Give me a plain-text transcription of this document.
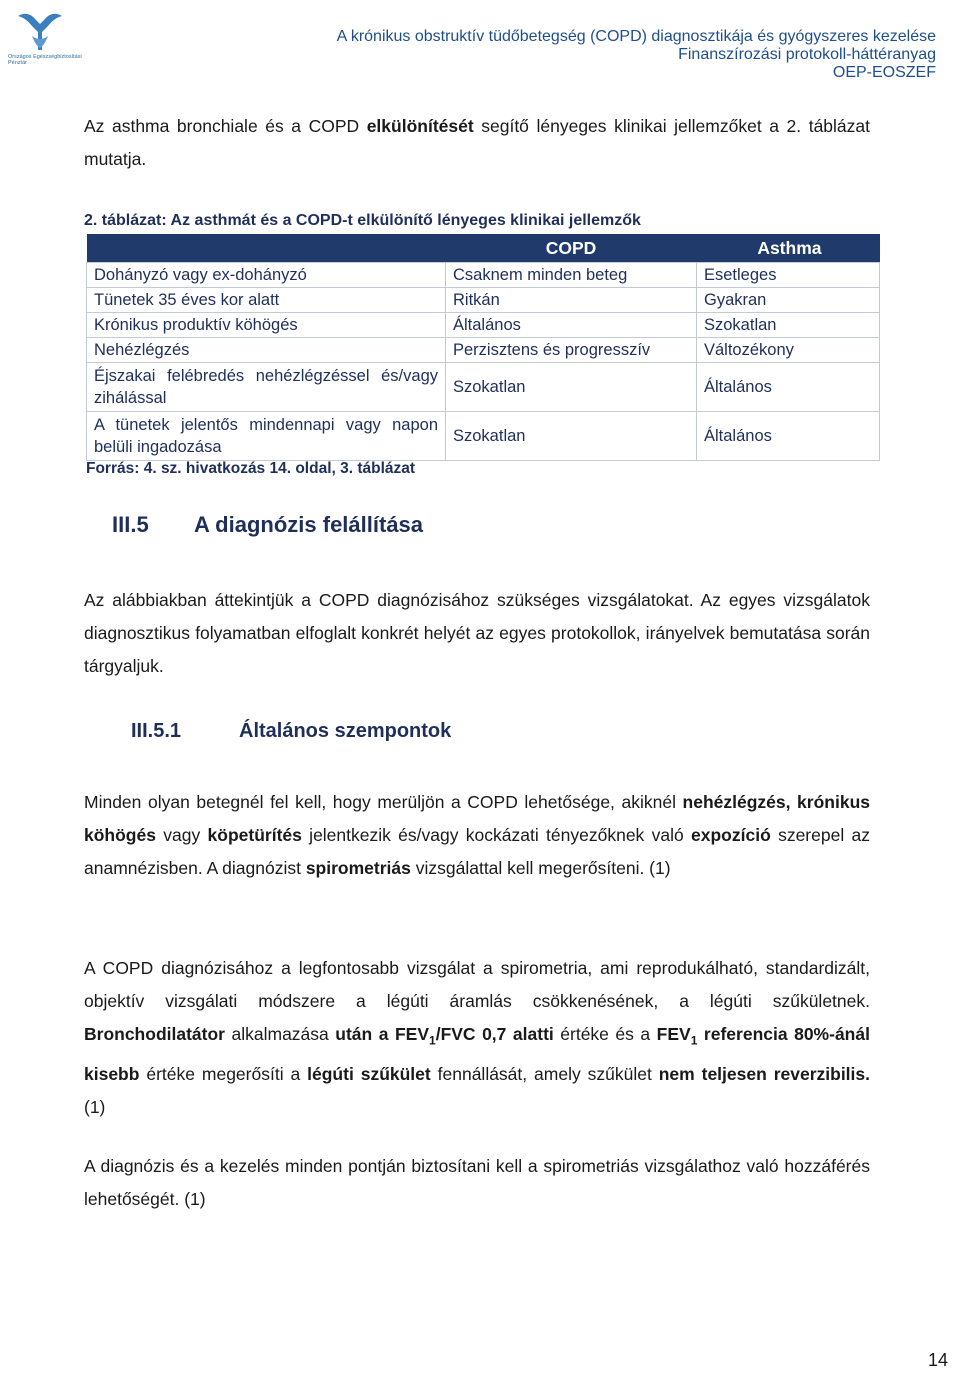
Országos Egészségbiztosítási
Pénztár
A krónikus obstruktív tüdőbetegség (COPD) diagnosztikája és gyógyszeres kezelése
Finanszírozási protokoll-háttéranyag
OEP-EOSZEF
Az asthma bronchiale és a COPD elkülönítését segítő lényeges klinikai jellemzőket a 2. táblázat mutatja.
2. táblázat: Az asthmát és a COPD-t elkülönítő lényeges klinikai jellemzők
	COPD	Asthma
Dohányzó vagy ex-dohányzó	Csaknem minden beteg	Esetleges
Tünetek 35 éves kor alatt	Ritkán	Gyakran
Krónikus produktív köhögés	Általános	Szokatlan
Nehézlégzés	Perzisztens és progresszív	Változékony

Éjszakai felébredés nehézlégzéssel és/vagy zihálással	Szokatlan	Általános

A tünetek jelentős mindennapi vagy napon belüli ingadozása	Szokatlan	Általános
Forrás: 4. sz. hivatkozás 14. oldal, 3. táblázat
III.5 A diagnózis felállítása
Az alábbiakban áttekintjük a COPD diagnózisához szükséges vizsgálatokat. Az egyes vizsgálatok diagnosztikus folyamatban elfoglalt konkrét helyét az egyes protokollok, irányelvek bemutatása során tárgyaljuk.
III.5.1	Általános szempontok
Minden olyan betegnél fel kell, hogy merüljön a COPD lehetősége, akiknél nehézlégzés, krónikus köhögés vagy köpetürítés jelentkezik és/vagy kockázati tényezőknek való expozíció szerepel az anamnézisben. A diagnózist spirometriás vizsgálattal kell megerősíteni. (1)
A COPD diagnózisához a legfontosabb vizsgálat a spirometria, ami reprodukálható, standardizált, objektív vizsgálati módszere a légúti áramlás csökkenésének, a légúti szűkületnek. Bronchodilatátor alkalmazása után a $FEV_1$/FVC 0,7 alatti értéke és a $FEV_1$ referencia 80%-ánál kisebb értéke megerősíti a légúti szűkület fennállását, amely szűkület nem teljesen reverzibilis. (1)
A diagnózis és a kezelés minden pontján biztosítani kell a spirometriás vizsgálathoz való hozzáférés lehetőségét. (1)
14
